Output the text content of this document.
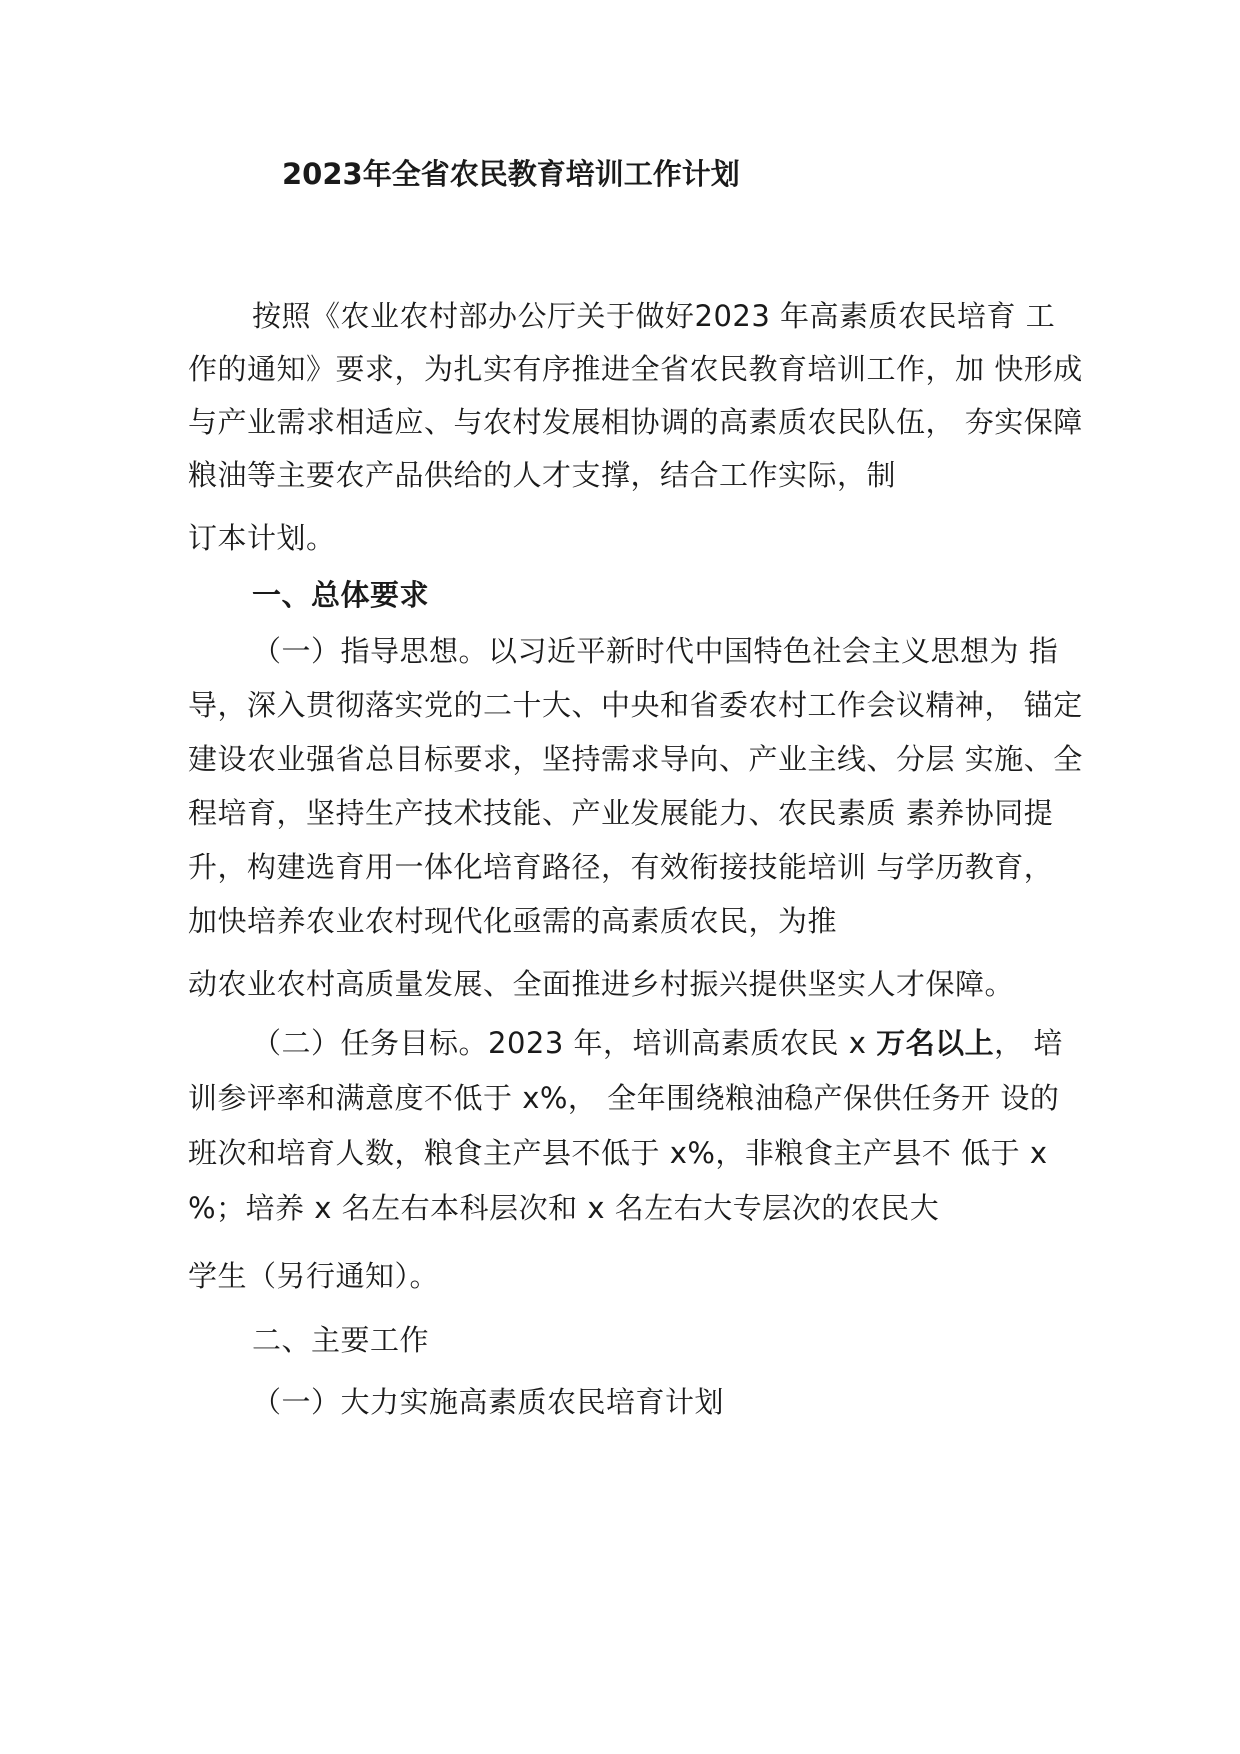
2023年全省农民教育培训工作计划
按照《农业农村部办公厅关于做好2023 年高素质农民培育 工
作的通知》要求，为扎实有序推进全省农民教育培训工作，加 快形成
与产业需求相适应、与农村发展相协调的高素质农民队伍， 夯实保障
粮油等主要农产品供给的人才支撑，结合工作实际，制
订本计划。
一、总体要求
（一）指导思想。以习近平新时代中国特色社会主义思想为 指
导，深入贯彻落实党的二十大、中央和省委农村工作会议精神， 锚定
建设农业强省总目标要求，坚持需求导向、产业主线、分层 实施、全
程培育，坚持生产技术技能、产业发展能力、农民素质 素养协同提
升，构建选育用一体化培育路径，有效衔接技能培训 与学历教育，
加快培养农业农村现代化亟需的高素质农民，为推
动农业农村高质量发展、全面推进乡村振兴提供坚实人才保障。
（二）任务目标。2023 年，培训高素质农民 x 万名以上， 培
训参评率和满意度不低于 x%， 全年围绕粮油稳产保供任务开 设的
班次和培育人数，粮食主产县不低于 x%，非粮食主产县不 低于 x
%；培养 x 名左右本科层次和 x 名左右大专层次的农民大
学生（另行通知）。
二、主要工作
（一）大力实施高素质农民培育计划
